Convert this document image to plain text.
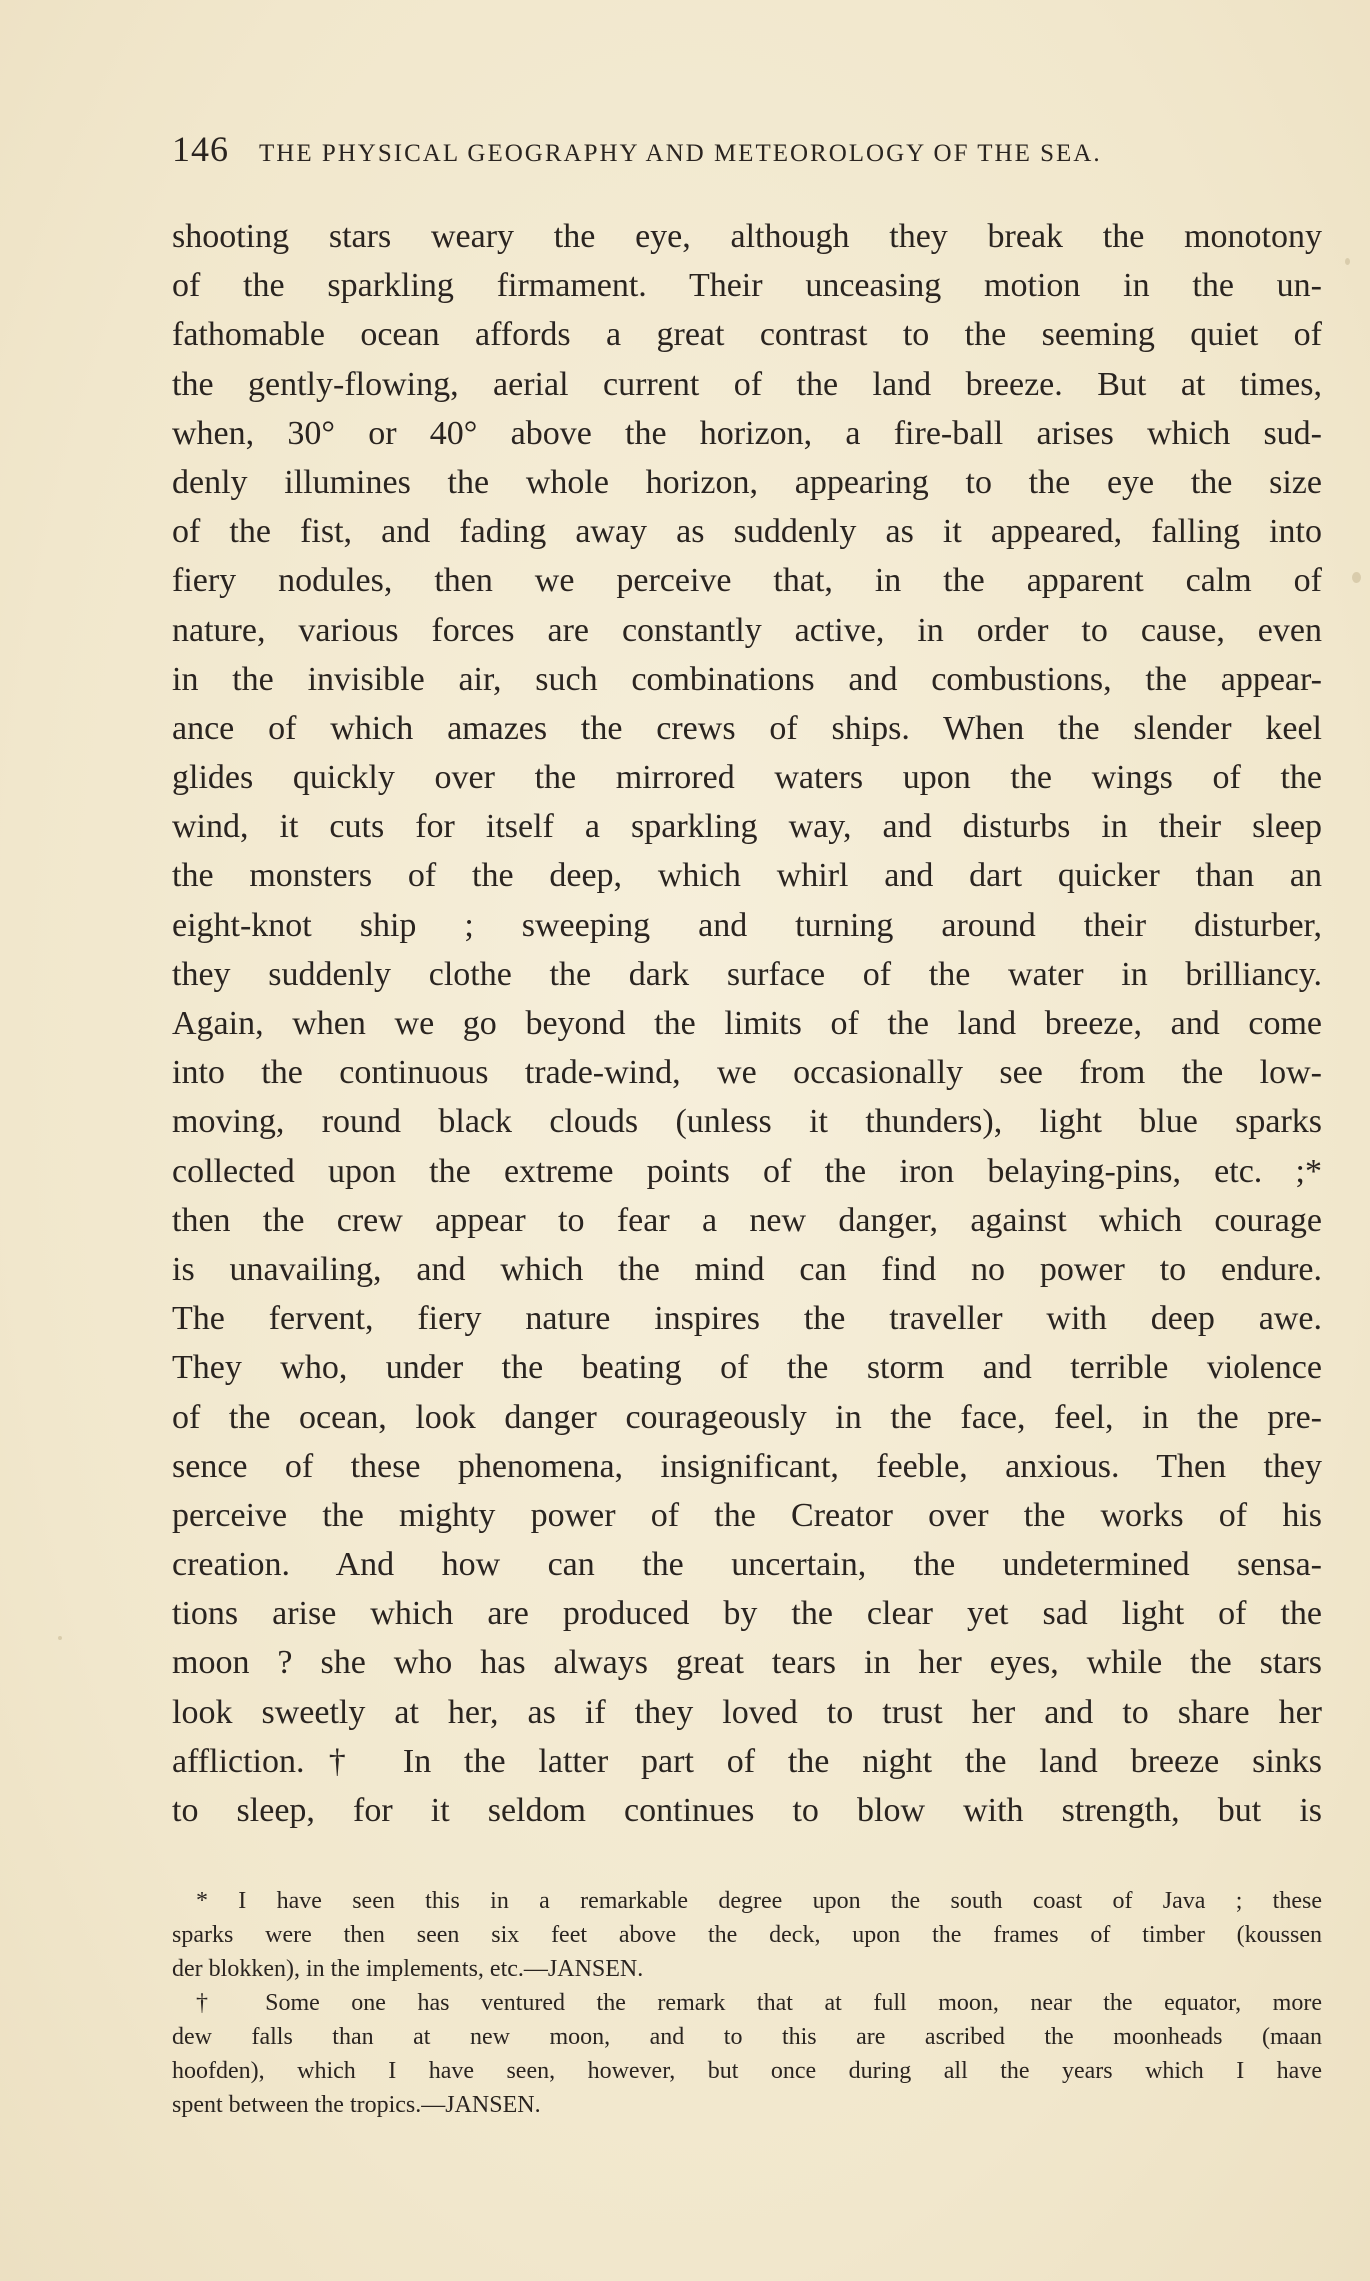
146 THE PHYSICAL GEOGRAPHY AND METEOROLOGY OF THE SEA.
shooting stars weary the eye, although they break the monotony
of the sparkling firmament. Their unceasing motion in the un-
fathomable ocean affords a great contrast to the seeming quiet of
the gently-flowing, aerial current of the land breeze. But at times,
when, 30° or 40° above the horizon, a fire-ball arises which sud-
denly illumines the whole horizon, appearing to the eye the size
of the fist, and fading away as suddenly as it appeared, falling into
fiery nodules, then we perceive that, in the apparent calm of
nature, various forces are constantly active, in order to cause, even
in the invisible air, such combinations and combustions, the appear-
ance of which amazes the crews of ships. When the slender keel
glides quickly over the mirrored waters upon the wings of the
wind, it cuts for itself a sparkling way, and disturbs in their sleep
the monsters of the deep, which whirl and dart quicker than an
eight-knot ship ; sweeping and turning around their disturber,
they suddenly clothe the dark surface of the water in brilliancy.
Again, when we go beyond the limits of the land breeze, and come
into the continuous trade-wind, we occasionally see from the low-
moving, round black clouds (unless it thunders), light blue sparks
collected upon the extreme points of the iron belaying-pins, etc. ;*
then the crew appear to fear a new danger, against which courage
is unavailing, and which the mind can find no power to endure.
The fervent, fiery nature inspires the traveller with deep awe.
They who, under the beating of the storm and terrible violence
of the ocean, look danger courageously in the face, feel, in the pre-
sence of these phenomena, insignificant, feeble, anxious. Then they
perceive the mighty power of the Creator over the works of his
creation. And how can the uncertain, the undetermined sensa-
tions arise which are produced by the clear yet sad light of the
moon ? she who has always great tears in her eyes, while the stars
look sweetly at her, as if they loved to trust her and to share her
affliction.† In the latter part of the night the land breeze sinks
to sleep, for it seldom continues to blow with strength, but is
* I have seen this in a remarkable degree upon the south coast of Java ; these
sparks were then seen six feet above the deck, upon the frames of timber (koussen
der blokken), in the implements, etc.—JANSEN.
† Some one has ventured the remark that at full moon, near the equator, more
dew falls than at new moon, and to this are ascribed the moonheads (maan
hoofden), which I have seen, however, but once during all the years which I have
spent between the tropics.—JANSEN.
